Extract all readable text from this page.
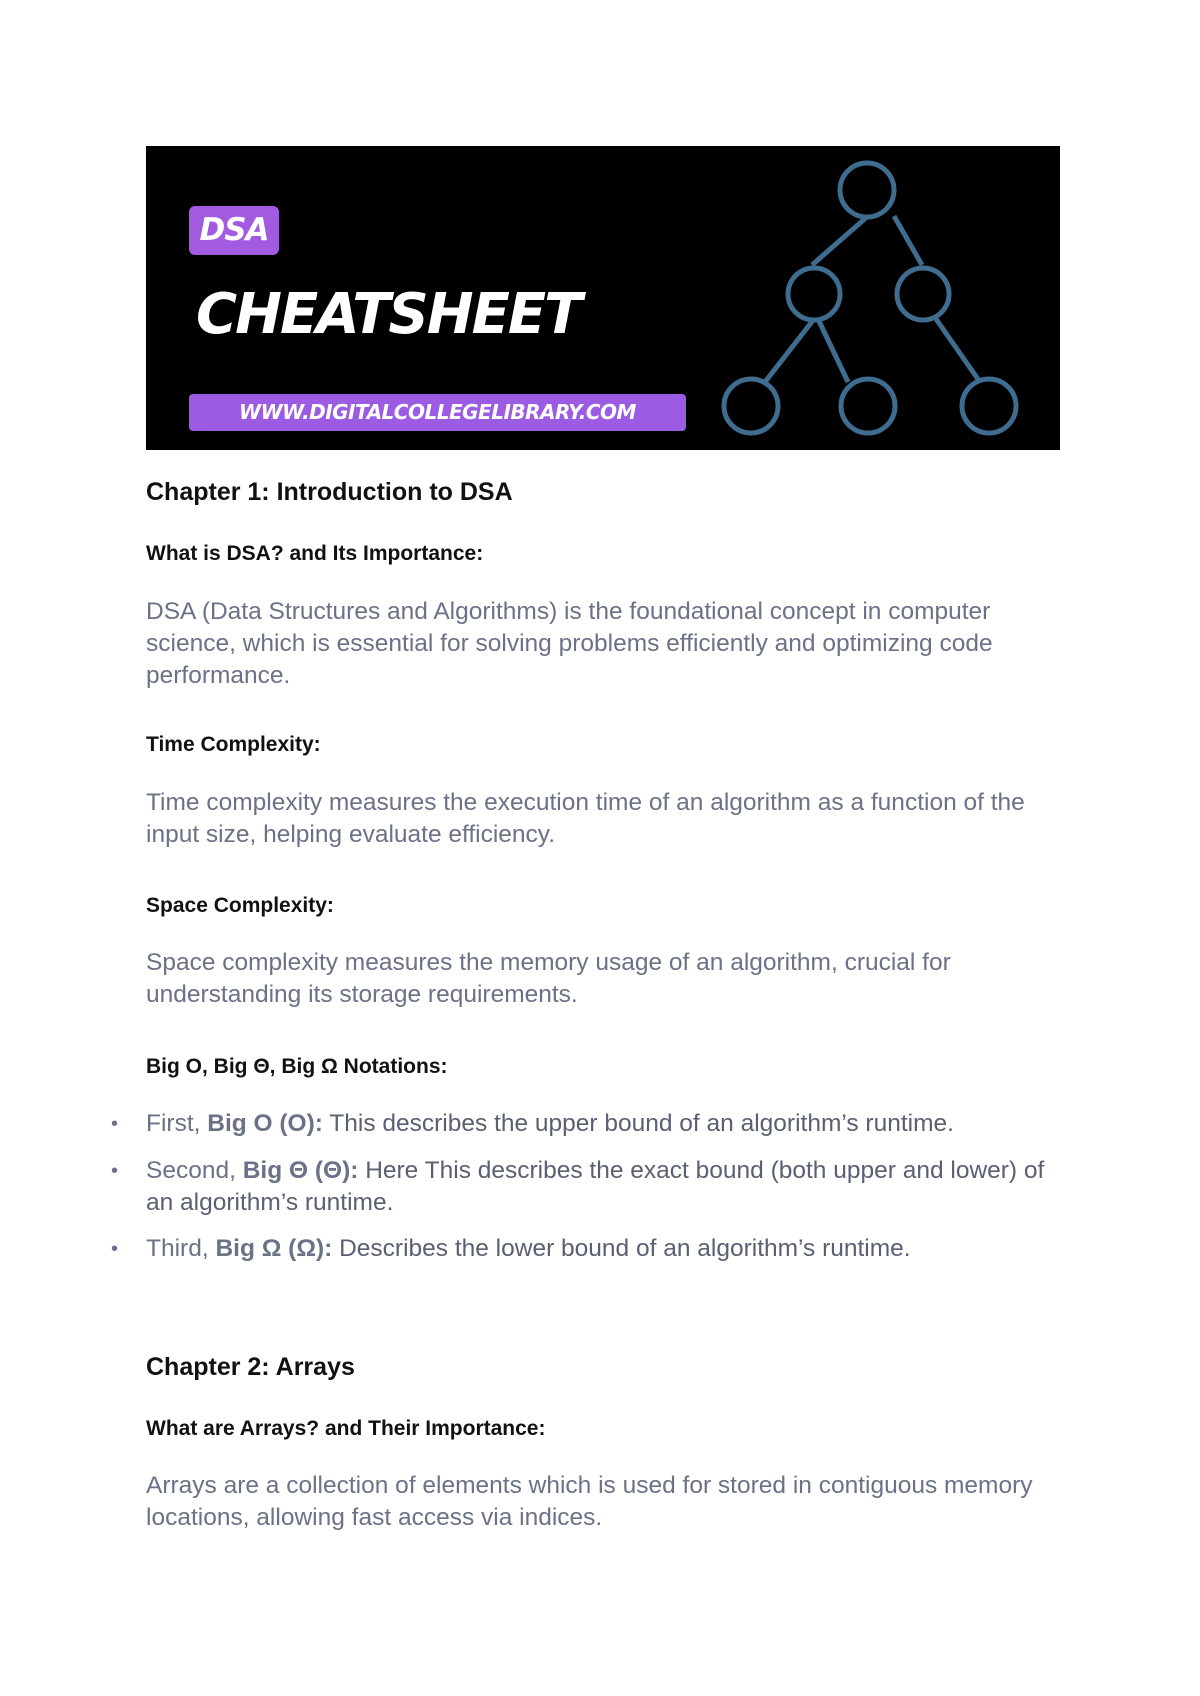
DSA
CHEATSHEET
WWW.DIGITALCOLLEGELIBRARY.COM
Chapter 1: Introduction to DSA
What is DSA? and Its Importance:

DSA (Data Structures and Algorithms) is the foundational concept in computer science, which is essential for solving problems efficiently and optimizing code performance.

Time Complexity:

Time complexity measures the execution time of an algorithm as a function of the input size, helping evaluate efficiency.

Space Complexity:

Space complexity measures the memory usage of an algorithm, crucial for understanding its storage requirements.

Big O, Big Θ, Big Ω Notations:
• First, Big O (O): This describes the upper bound of an algorithm’s runtime.
• Second, Big Θ (Θ): Here This describes the exact bound (both upper and lower) of an algorithm’s runtime.
• Third, Big Ω (Ω): Describes the lower bound of an algorithm’s runtime.
Chapter 2: Arrays
What are Arrays? and Their Importance:

Arrays are a collection of elements which is used for stored in contiguous memory locations, allowing fast access via indices.
